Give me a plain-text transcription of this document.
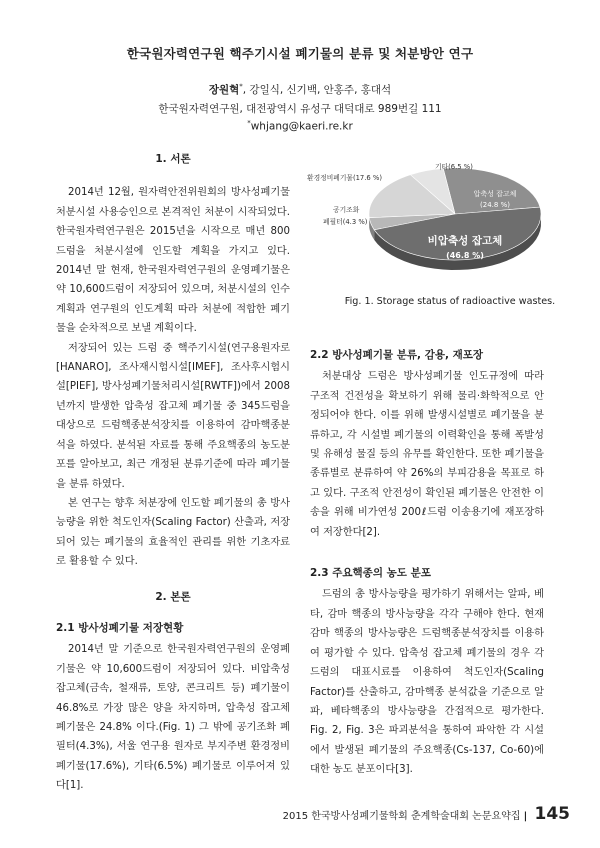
한국원자력연구원 핵주기시설 폐기물의 분류 및 처분방안 연구
장원혁*, 강일식, 신기백, 안홍주, 홍대석
한국원자력연구원, 대전광역시 유성구 대덕대로 989번길 111
*whjang@kaeri.re.kr
1. 서론

2014년 12월, 원자력안전위원회의 방사성폐기물처분시설 사용승인으로 본격적인 처분이 시작되었다. 한국원자력연구원은 2015년을 시작으로 매년 800드럼을 처분시설에 인도할 계획을 가지고 있다. 2014년 말 현재, 한국원자력연구원의 운영폐기물은 약 10,600드럼이 저장되어 있으며, 처분시설의 인수계획과 연구원의 인도계획 따라 처분에 적합한 폐기물을 순차적으로 보낼 계획이다.

저장되어 있는 드럼 중 핵주기시설(연구용원자로[HANARO], 조사재시험시설[IMEF], 조사후시험시설[PIEF], 방사성폐기물처리시설[RWTF])에서 2008년까지 발생한 압축성 잡고체 폐기물 중 345드럼을 대상으로 드럼핵종분석장치를 이용하여 감마핵종분석을 하였다. 분석된 자료를 통해 주요핵종의 농도분포를 알아보고, 최근 개정된 분류기준에 따라 폐기물을 분류 하였다.

본 연구는 향후 처분장에 인도할 폐기물의 총 방사능량을 위한 척도인자(Scaling Factor) 산출과, 저장되어 있는 폐기물의 효율적인 관리를 위한 기초자료로 활용할 수 있다.

2. 본론
2.1 방사성폐기물 저장현황

2014년 말 기준으로 한국원자력연구원의 운영폐기물은 약 10,600드럼이 저장되어 있다. 비압축성 잡고체(금속, 철재류, 토양, 콘크리트 등) 폐기물이 46.8%로 가장 많은 양을 차지하며, 압축성 잡고체 폐기물은 24.8% 이다.(Fig. 1) 그 밖에 공기조화 폐필터(4.3%), 서울 연구용 원자로 부지주변 환경정비폐기물(17.6%), 기타(6.5%) 폐기물로 이루어져 있다[1].

비압축성 잡고체
(46.8 %)
압축성 잡고체
(24.8 %)
환경정비폐기물(17.6 %)
기타(6.5 %)
공기조화
폐필터(4.3 %)
Fig. 1. Storage status of radioactive wastes.
2.2 방사성폐기물 분류, 감용, 재포장

처분대상 드럼은 방사성폐기물 인도규정에 따라 구조적 건전성을 확보하기 위해 물리·화학적으로 안정되어야 한다. 이를 위해 발생시설별로 폐기물을 분류하고, 각 시설별 폐기물의 이력확인을 통해 폭발성 및 유해성 물질 등의 유무를 확인한다. 또한 폐기물을 종류별로 분류하여 약 26%의 부피감용을 목표로 하고 있다. 구조적 안전성이 확인된 폐기물은 안전한 이송을 위해 비가연성 200ℓ드럼 이송용기에 재포장하여 저장한다[2].

2.3 주요핵종의 농도 분포

드럼의 총 방사능량을 평가하기 위해서는 알파, 베타, 감마 핵종의 방사능량을 각각 구해야 한다. 현재 감마 핵종의 방사능량은 드럼핵종분석장치를 이용하여 평가할 수 있다. 압축성 잡고체 폐기물의 경우 각 드럼의 대표시료를 이용하여 척도인자(Scaling Factor)를 산출하고, 감마핵종 분석값을 기준으로 알파, 베타핵종의 방사능량을 간접적으로 평가한다. Fig. 2, Fig. 3은 파괴분석을 통하여 파악한 각 시설에서 발생된 폐기물의 주요핵종(Cs-137, Co-60)에 대한 농도 분포이다[3].

2015 한국방사성폐기물학회 춘계학술대회 논문요약집 | 145
